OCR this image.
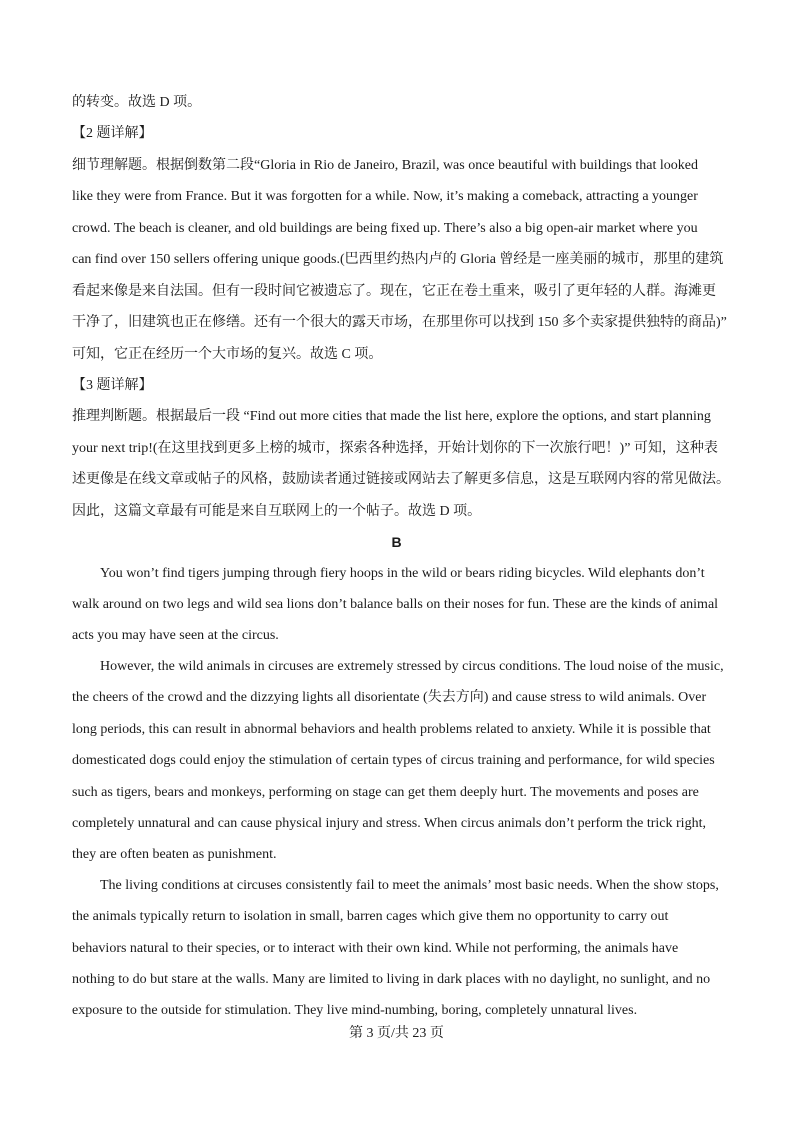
的转变。故选 D 项。
【2 题详解】
细节理解题。根据倒数第二段“Gloria in Rio de Janeiro, Brazil, was once beautiful with buildings that looked
like they were from France. But it was forgotten for a while. Now, it’s making a comeback, attracting a younger
crowd. The beach is cleaner, and old buildings are being fixed up. There’s also a big open-air market where you
can find over 150 sellers offering unique goods.(巴西里约热内卢的 Gloria 曾经是一座美丽的城市，那里的建筑
看起来像是来自法国。但有一段时间它被遗忘了。现在，它正在卷土重来，吸引了更年轻的人群。海滩更
干净了，旧建筑也正在修缮。还有一个很大的露天市场，在那里你可以找到 150 多个卖家提供独特的商品)”
可知，它正在经历一个大市场的复兴。故选 C 项。
【3 题详解】
推理判断题。根据最后一段 “Find out more cities that made the list here, explore the options, and start planning
your next trip!(在这里找到更多上榜的城市，探索各种选择，开始计划你的下一次旅行吧！)” 可知，这种表
述更像是在线文章或帖子的风格，鼓励读者通过链接或网站去了解更多信息，这是互联网内容的常见做法。
因此，这篇文章最有可能是来自互联网上的一个帖子。故选 D 项。
B
You won’t find tigers jumping through fiery hoops in the wild or bears riding bicycles. Wild elephants don’t
walk around on two legs and wild sea lions don’t balance balls on their noses for fun. These are the kinds of animal
acts you may have seen at the circus.
However, the wild animals in circuses are extremely stressed by circus conditions. The loud noise of the music,
the cheers of the crowd and the dizzying lights all disorientate (失去方向) and cause stress to wild animals. Over
long periods, this can result in abnormal behaviors and health problems related to anxiety. While it is possible that
domesticated dogs could enjoy the stimulation of certain types of circus training and performance, for wild species
such as tigers, bears and monkeys, performing on stage can get them deeply hurt. The movements and poses are
completely unnatural and can cause physical injury and stress. When circus animals don’t perform the trick right,
they are often beaten as punishment.
The living conditions at circuses consistently fail to meet the animals’ most basic needs. When the show stops,
the animals typically return to isolation in small, barren cages which give them no opportunity to carry out
behaviors natural to their species, or to interact with their own kind. While not performing, the animals have
nothing to do but stare at the walls. Many are limited to living in dark places with no daylight, no sunlight, and no
exposure to the outside for stimulation. They live mind-numbing, boring, completely unnatural lives.
第 3 页/共 23 页
